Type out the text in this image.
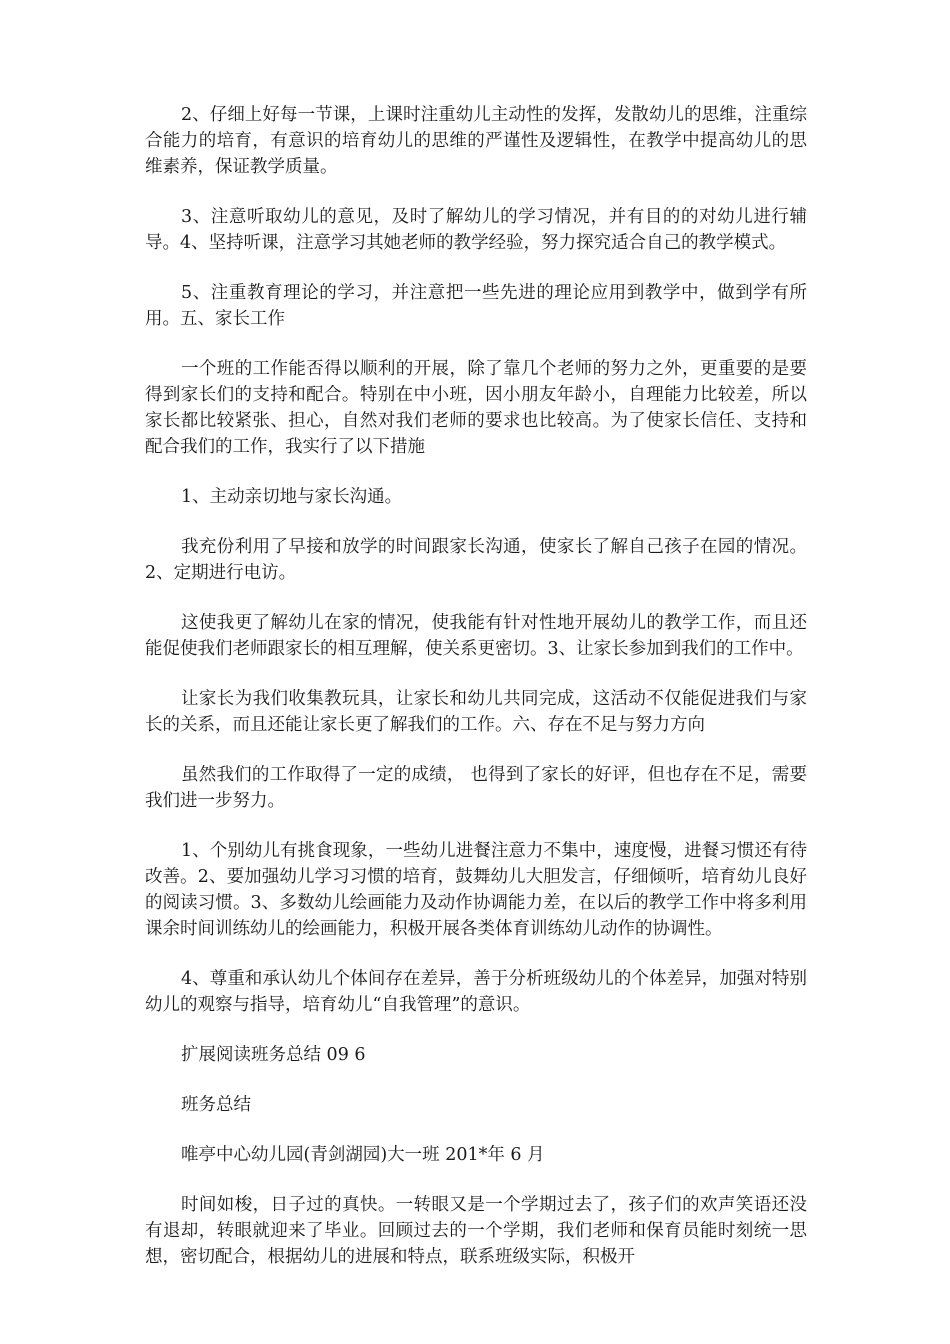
2、仔细上好每一节课，上课时注重幼儿主动性的发挥，发散幼儿的思维，注重综合能力的培育，有意识的培育幼儿的思维的严谨性及逻辑性，在教学中提高幼儿的思维素养，保证教学质量。

3、注意听取幼儿的意见，及时了解幼儿的学习情况，并有目的的对幼儿进行辅导。4、坚持听课，注意学习其她老师的教学经验，努力探究适合自己的教学模式。

5、注重教育理论的学习，并注意把一些先进的理论应用到教学中，做到学有所用。五、家长工作

一个班的工作能否得以顺利的开展，除了靠几个老师的努力之外，更重要的是要得到家长们的支持和配合。特别在中小班，因小朋友年龄小，自理能力比较差，所以家长都比较紧张、担心，自然对我们老师的要求也比较高。为了使家长信任、支持和配合我们的工作，我实行了以下措施

1、主动亲切地与家长沟通。

我充份利用了早接和放学的时间跟家长沟通，使家长了解自己孩子在园的情况。2、定期进行电访。

这使我更了解幼儿在家的情况，使我能有针对性地开展幼儿的教学工作，而且还能促使我们老师跟家长的相互理解，使关系更密切。3、让家长参加到我们的工作中。

让家长为我们收集教玩具，让家长和幼儿共同完成，这活动不仅能促进我们与家长的关系，而且还能让家长更了解我们的工作。六、存在不足与努力方向

虽然我们的工作取得了一定的成绩， 也得到了家长的好评，但也存在不足，需要我们进一步努力。

1、个别幼儿有挑食现象，一些幼儿进餐注意力不集中，速度慢，进餐习惯还有待改善。2、要加强幼儿学习习惯的培育，鼓舞幼儿大胆发言，仔细倾听，培育幼儿良好的阅读习惯。3、多数幼儿绘画能力及动作协调能力差，在以后的教学工作中将多利用课余时间训练幼儿的绘画能力，积极开展各类体育训练幼儿动作的协调性。

4、尊重和承认幼儿个体间存在差异，善于分析班级幼儿的个体差异，加强对特别幼儿的观察与指导，培育幼儿“自我管理”的意识。

扩展阅读班务总结 09 6

班务总结

唯亭中心幼儿园(青剑湖园)大一班 201*年 6 月

时间如梭，日子过的真快。一转眼又是一个学期过去了，孩子们的欢声笑语还没有退却，转眼就迎来了毕业。回顾过去的一个学期，我们老师和保育员能时刻统一思想，密切配合，根据幼儿的进展和特点，联系班级实际，积极开
